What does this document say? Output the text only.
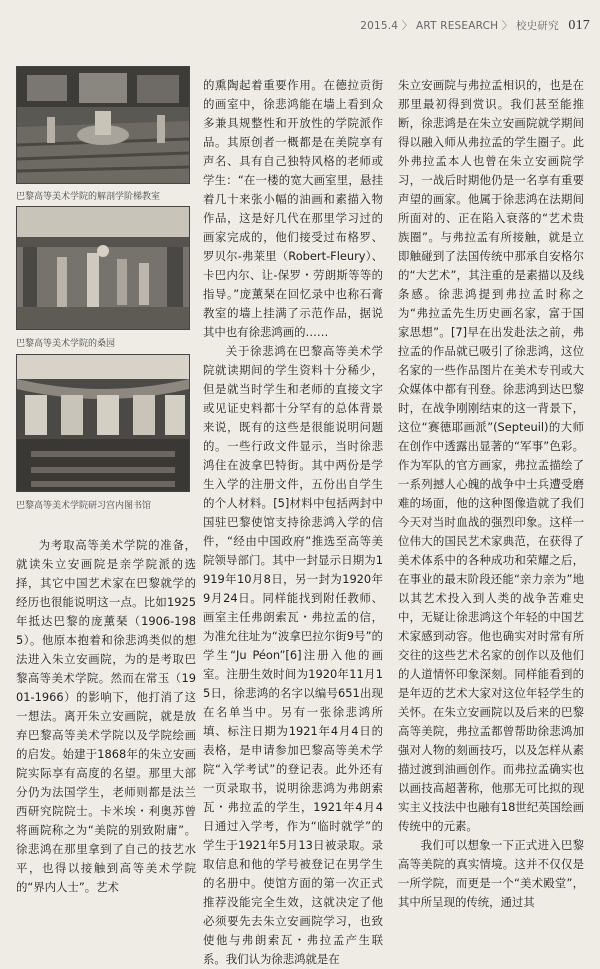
2015.4 〉 ART RESEARCH 〉 校史研究 017
巴黎高等美术学院的解剖学阶梯教室
巴黎高等美术学院的桑园
巴黎高等美术学院研习宫内图书馆

为考取高等美术学院的准备，就读朱立安画院是亲学院派的选择，其它中国艺术家在巴黎就学的经历也很能说明这一点。比如1925年抵达巴黎的庞薰琹（1906-1985）。他原本抱着和徐悲鸿类似的想法进入朱立安画院，为的是考取巴黎高等美术学院。然而在常玉（1901-1966）的影响下，他打消了这一想法。离开朱立安画院，就是放弃巴黎高等美术学院以及学院绘画的启发。始建于1868年的朱立安画院实际享有高度的名望。那里大部分仍为法国学生，老师则都是法兰西研究院院士。卡米埃・利奥苏曾将画院称之为“美院的别致附庸”。徐悲鸿在那里拿到了自己的技艺水平，也得以接触到高等美术学院的“界内人士”。艺术

的熏陶起着重要作用。在德拉贡街的画室中，徐悲鸿能在墙上看到众多兼具规整性和开放性的学院派作品。其原创者一概都是在美院享有声名、具有自己独特风格的老师或学生：“在一楼的宽大画室里，悬挂着几十来张小幅的油画和素描入物作品，这是好几代在那里学习过的画家完成的，他们接受过布格罗、罗贝尔-弗莱里（Robert-Fleury）、卡巴内尔、让-保罗・劳朗斯等等的指导。”庞薰琹在回忆录中也称石膏教室的墙上挂满了示范作品，据说其中也有徐悲鸿画的……

关于徐悲鸿在巴黎高等美术学院就读期间的学生资料十分稀少，但是就当时学生和老师的直接文字或见证史料都十分罕有的总体背景来说，既有的这些是很能说明问题的。一些行政文件显示，当时徐悲鸿住在波拿巴特街。其中两份是学生入学的注册文件，五份出自学生的个人材料。[5]材料中包括两封中国驻巴黎使馆支持徐悲鸿入学的信件，“经由中国政府”推选至高等美院领导部门。其中一封显示日期为1919年10月8日，另一封为1920年9月24日。同样能找到附任教师、画室主任弗朗索瓦・弗拉孟的信，为准允往址为“波拿巴拉尔街9号”的学生“Ju Péon”[6]注册入他的画室。注册生效时间为1920年11月15日，徐悲鸿的名字以编号651出现在名单当中。另有一张徐悲鸿所填、标注日期为1921年4月4日的表格，是申请参加巴黎高等美术学院“入学考试”的登记表。此外还有一页录取书，说明徐悲鸿为弗朗索瓦・弗拉孟的学生，1921年4月4日通过入学考，作为“临时就学”的学生于1921年5月13日被录取。录取信息和他的学号被登记在男学生的名册中。使馆方面的第一次正式推荐没能完全生效，这就决定了他必须要先去朱立安画院学习，也致使他与弗朗索瓦・弗拉孟产生联系。我们认为徐悲鸿就是在

朱立安画院与弗拉孟相识的，也是在那里最初得到赏识。我们甚至能推断，徐悲鸿是在朱立安画院就学期间得以融入师从弗拉孟的学生圈子。此外弗拉孟本人也曾在朱立安画院学习，一战后时期他仍是一名享有重要声望的画家。他属于徐悲鸿在法期间所面对的、正在陷入衰落的“艺术贵族圈”。与弗拉孟有所接触，就是立即触碰到了法国传统中那承自安格尔的“大艺术”，其注重的是素描以及线条感。徐悲鸿提到弗拉孟时称之为“弗拉孟先生历史画名家，富于国家思想”。[7]早在出发赴法之前，弗拉孟的作品就已吸引了徐悲鸿，这位名家的一些作品图片在美术专刊或大众媒体中都有刊登。徐悲鸿到达巴黎时，在战争刚刚结束的这一背景下，这位“赛德耶画派”(Septeuil)的大师在创作中透露出显著的“军事”色彩。作为军队的官方画家，弗拉孟描绘了一系列撼人心魄的战争中士兵遭受磨难的场面，他的这种图像造就了我们今天对当时血战的强烈印象。这样一位伟大的国民艺术家典范，在获得了美术体系中的各种成功和荣耀之后，在事业的最末阶段还能“亲力亲为”地以其艺术投入到人类的战争苦难史中，无疑让徐悲鸿这个年轻的中国艺术家感到动容。他也确实对时常有所交往的这些艺术名家的创作以及他们的人道情怀印象深刻。同样能看到的是年迈的艺术大家对这位年轻学生的关怀。在朱立安画院以及后来的巴黎高等美院，弗拉孟都曾帮助徐悲鸿加强对人物的刻画技巧，以及怎样从素描过渡到油画创作。而弗拉孟确实也以画技高超著称，他那无可比拟的现实主义技法中也融有18世纪英国绘画传统中的元素。

我们可以想象一下正式进入巴黎高等美院的真实情境。这并不仅仅是一所学院，而更是一个“美术殿堂”，其中所呈现的传统，通过其
